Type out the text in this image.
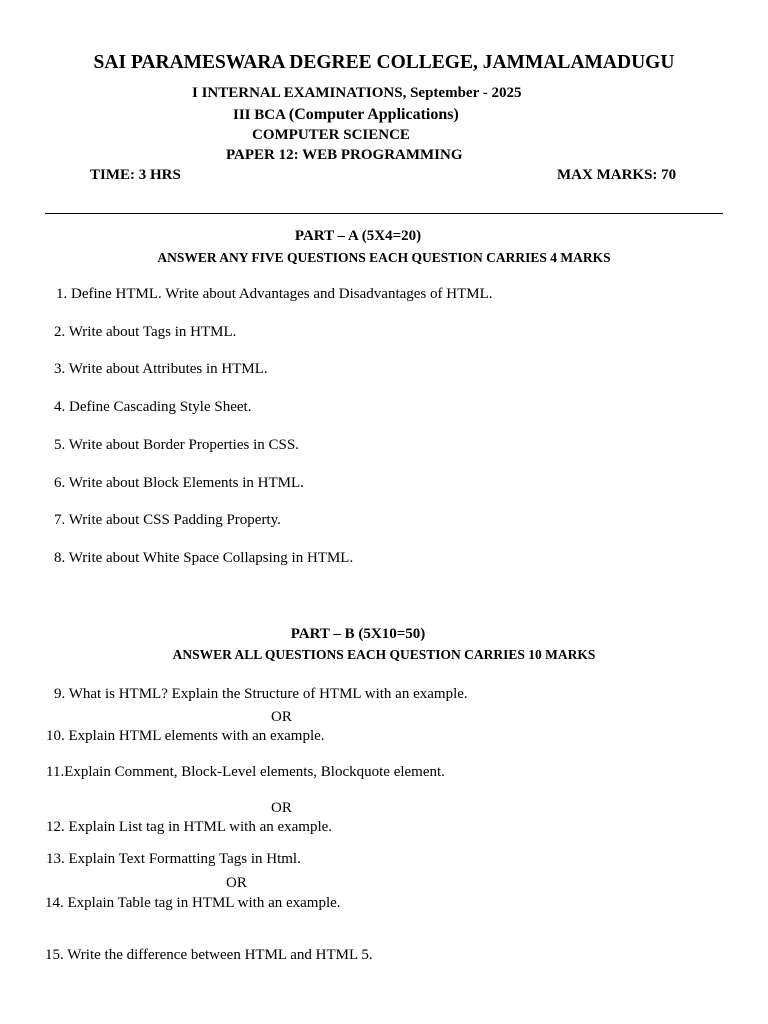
SAI PARAMESWARA DEGREE COLLEGE, JAMMALAMADUGU
I INTERNAL EXAMINATIONS, September - 2025
III BCA (Computer Applications)
COMPUTER SCIENCE
PAPER 12: WEB PROGRAMMING
TIME: 3 HRS	MAX MARKS: 70
PART – A (5X4=20)
ANSWER ANY FIVE QUESTIONS EACH QUESTION CARRIES 4 MARKS
1. Define HTML. Write about Advantages and Disadvantages of HTML.
2. Write about Tags in HTML.
3. Write about Attributes in HTML.
4. Define Cascading Style Sheet.
5. Write about Border Properties in CSS.
6. Write about Block Elements in HTML.
7. Write about CSS Padding Property.
8. Write about White Space Collapsing in HTML.
PART – B (5X10=50)
ANSWER ALL QUESTIONS EACH QUESTION CARRIES 10 MARKS
9. What is HTML? Explain the Structure of HTML with an example.
OR
10. Explain HTML elements with an example.
11.Explain Comment, Block-Level elements, Blockquote element.
OR
12. Explain List tag in HTML with an example.
13. Explain Text Formatting Tags in Html.
OR
14. Explain Table tag in HTML with an example.
15. Write the difference between HTML and HTML 5.
